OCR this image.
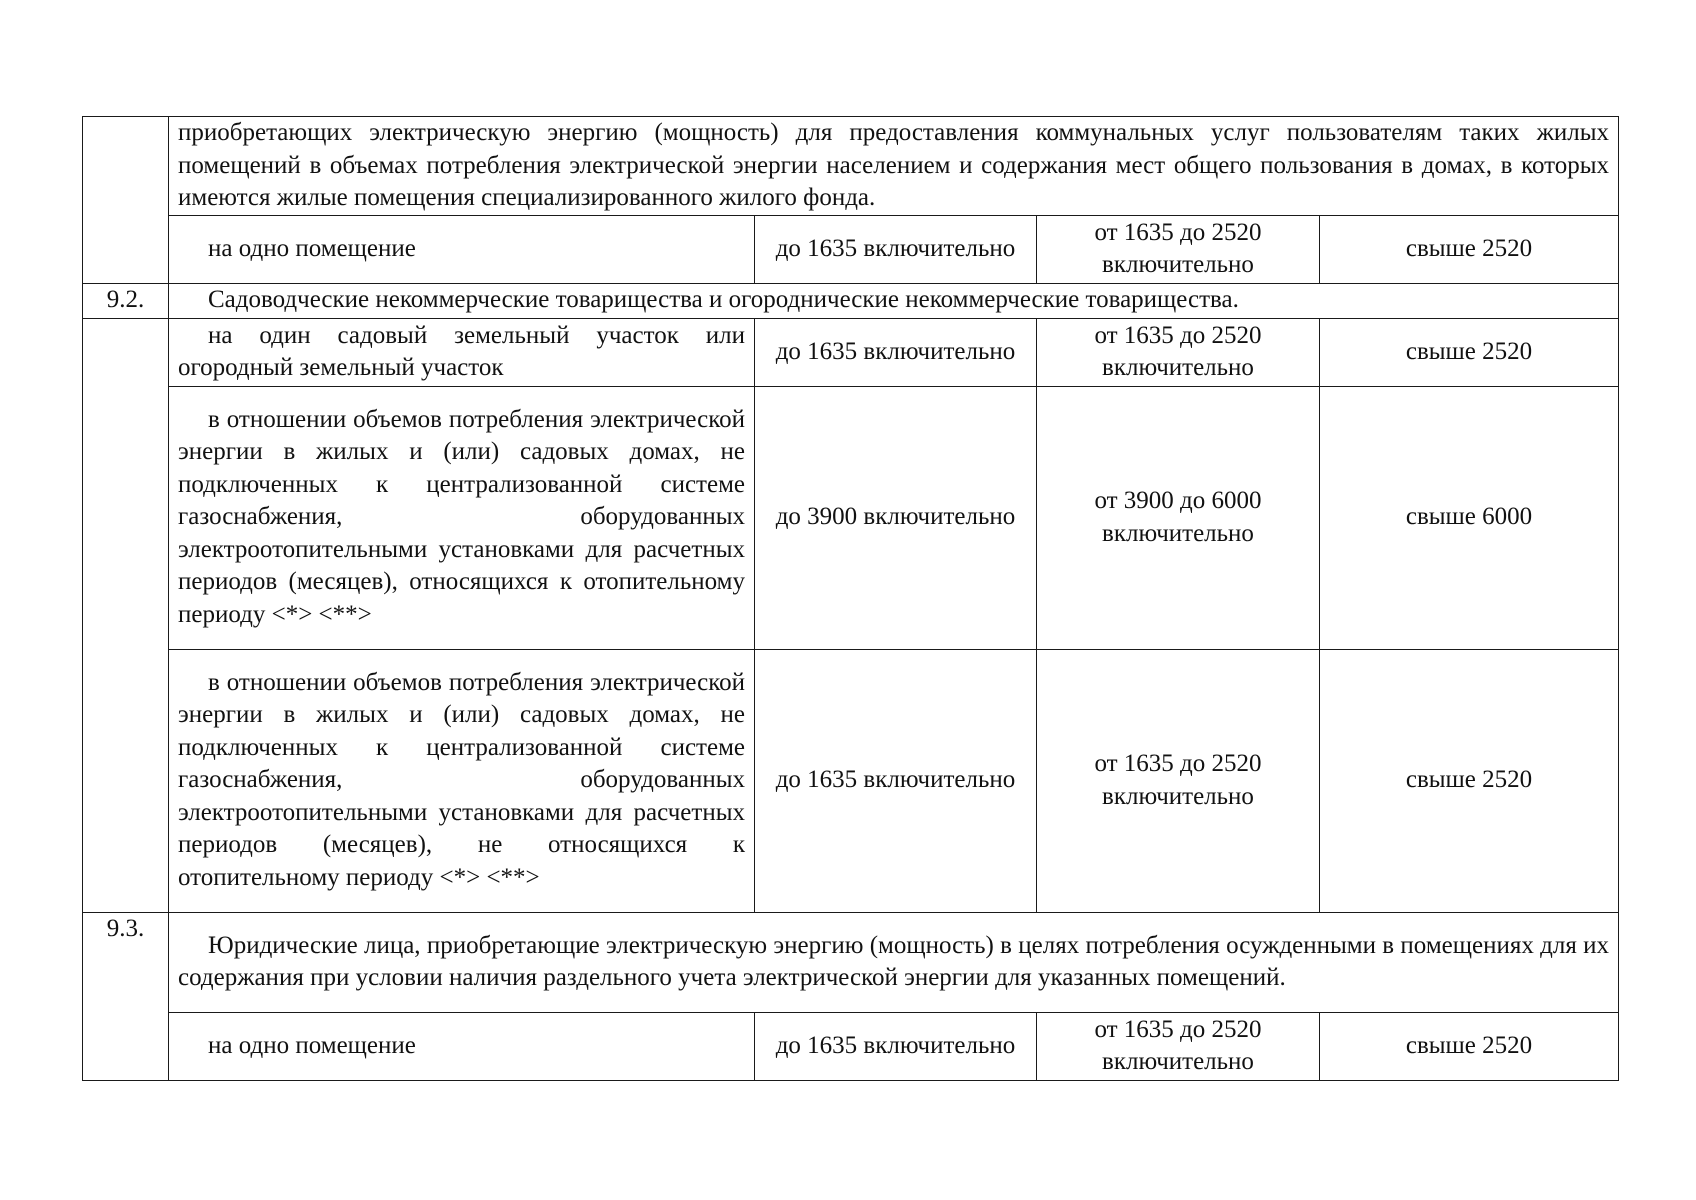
	приобретающих электрическую энергию (мощность) для предоставления коммунальных услуг пользователям таких жилых помещений в объемах потребления электрической энергии населением и содержания мест общего пользования в домах, в которых имеются жилые помещения специализированного жилого фонда.			
	на одно помещение	до 1635 включительно	от 1635 до 2520 включительно	свыше 2520
9.2.	Садоводческие некоммерческие товарищества и огороднические некоммерческие товарищества.			
	на один садовый земельный участок или огородный земельный участок	до 1635 включительно	от 1635 до 2520 включительно	свыше 2520
	в отношении объемов потребления электрической энергии в жилых и (или) садовых домах, не подключенных к централизованной системе газоснабжения, оборудованных электроотопительными установками для расчетных периодов (месяцев), относящихся к отопительному периоду <*> <**>	до 3900 включительно	от 3900 до 6000 включительно	свыше 6000
	в отношении объемов потребления электрической энергии в жилых и (или) садовых домах, не подключенных к централизованной системе газоснабжения, оборудованных электроотопительными установками для расчетных периодов (месяцев), не относящихся к отопительному периоду <*> <**>	до 1635 включительно	от 1635 до 2520 включительно	свыше 2520
9.3.	Юридические лица, приобретающие электрическую энергию (мощность) в целях потребления осужденными в помещениях для их содержания при условии наличия раздельного учета электрической энергии для указанных помещений.			
	на одно помещение	до 1635 включительно	от 1635 до 2520 включительно	свыше 2520
